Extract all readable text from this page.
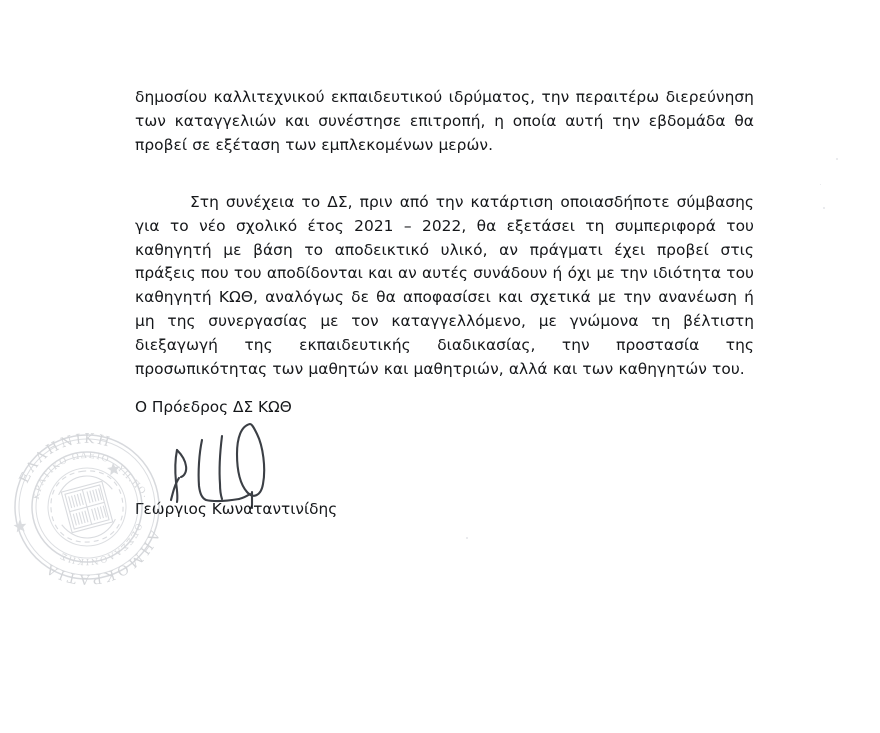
δημοσίου καλλιτεχνικού εκπαιδευτικού ιδρύματος, την περαιτέρω διερεύνηση των καταγγελιών και συνέστησε επιτροπή, η οποία αυτή την εβδομάδα θα προβεί σε εξέταση των εμπλεκομένων μερών.

Στη συνέχεια το ΔΣ, πριν από την κατάρτιση οποιασδήποτε σύμβασης για το νέο σχολικό έτος 2021 – 2022, θα εξετάσει τη συμπεριφορά του καθηγητή με βάση το αποδεικτικό υλικό, αν πράγματι έχει προβεί στις πράξεις που του αποδίδονται και αν αυτές συνάδουν ή όχι με την ιδιότητα του καθηγητή ΚΩΘ, αναλόγως δε θα αποφασίσει και σχετικά με την ανανέωση ή μη της συνεργασίας με τον καταγγελλόμενο, με γνώμονα τη βέλτιστη διεξαγωγή της εκπαιδευτικής διαδικασίας, την προστασία της προσωπικότητας των μαθητών και μαθητριών, αλλά και των καθηγητών του.

Ο Πρόεδρος ΔΣ ΚΩΘ
Γεώργιος Κωναταντινίδης
ΕΛΛΗΝΙΚΗ
ΔΗΜΟΚΡΑΤΙΑ
ΚΡΑΤΙΚΟ ΩΔΕΙΟ
ΘΕΣΣΑΛΟΝΙΚΗΣ
ΥΠ.ΠΟ.
